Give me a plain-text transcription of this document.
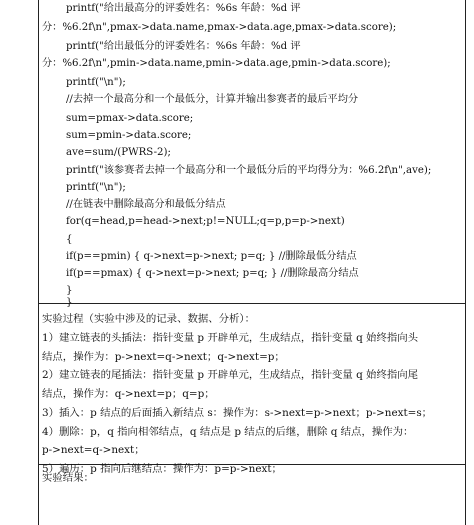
printf("给出最高分的评委姓名：%6s 年龄：%d 评
分：%6.2f\n",pmax->data.name,pmax->data.age,pmax->data.score);
printf("给出最低分的评委姓名：%6s 年龄：%d 评
分：%6.2f\n",pmin->data.name,pmin->data.age,pmin->data.score);
printf("\n");
//去掉一个最高分和一个最低分，计算并输出参赛者的最后平均分
sum=pmax->data.score;
sum=pmin->data.score;
ave=sum/(PWRS-2);
printf("该参赛者去掉一个最高分和一个最低分后的平均得分为：%6.2f\n",ave);
printf("\n");
//在链表中删除最高分和最低分结点
for(q=head,p=head->next;p!=NULL;q=p,p=p->next)
{
if(p==pmin) { q->next=p->next; p=q; } //删除最低分结点
if(p==pmax) { q->next=p->next; p=q; } //删除最高分结点
}
}
实验过程（实验中涉及的记录、数据、分析）：
1）建立链表的头插法：指针变量 p 开辟单元，生成结点，指针变量 q 始终指向头
结点，操作为：p->next=q->next；q->next=p；
2）建立链表的尾插法：指针变量 p 开辟单元，生成结点，指针变量 q 始终指向尾
结点，操作为：q->next=p；q=p；
3）插入：p 结点的后面插入新结点 s：操作为：s->next=p->next；p->next=s；
4）删除：p，q 指向相邻结点，q 结点是 p 结点的后继，删除 q 结点，操作为：
p->next=q->next；
5）遍历：p 指向后继结点：操作为：p=p->next；
实验结果：
